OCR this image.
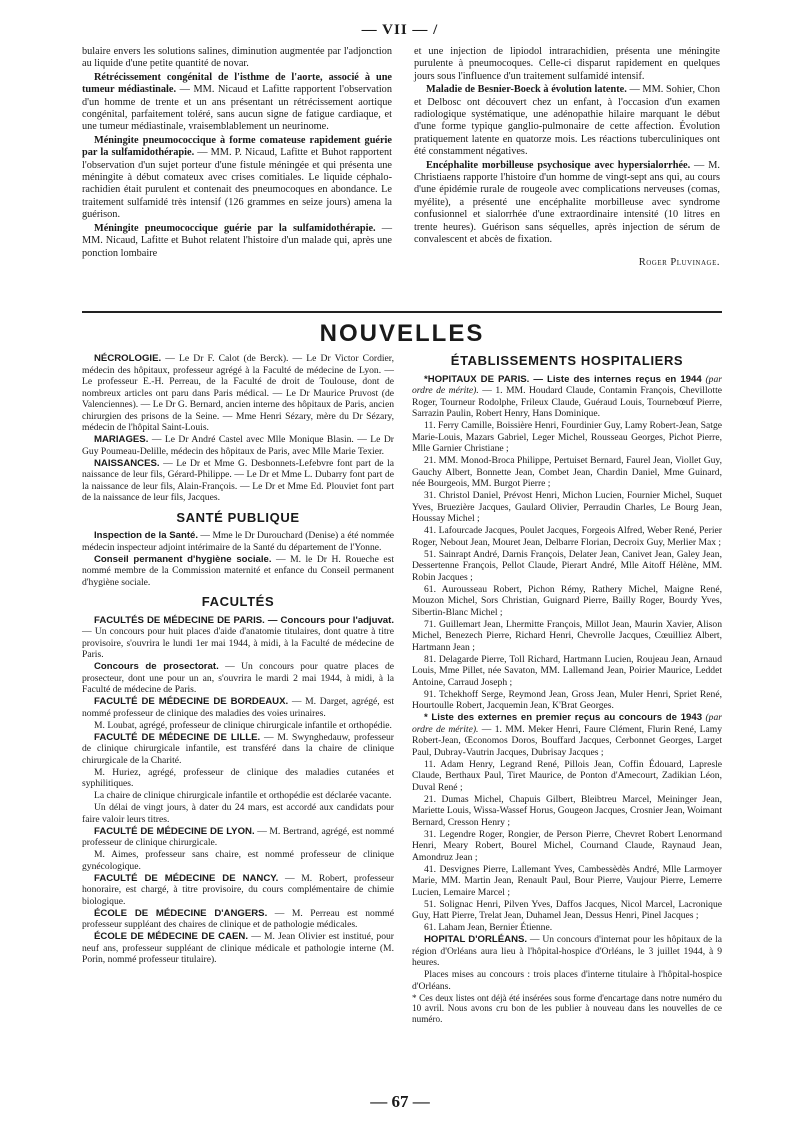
— VII — /

bulaire envers les solutions salines, diminution augmentée par l'adjonction au liquide d'une petite quantité de novar.

Rétrécissement congénital de l'isthme de l'aorte, associé à une tumeur médiastinale. — MM. Nicaud et Lafitte rapportent l'observation d'un homme de trente et un ans présentant un rétrécissement aortique congénital, parfaitement toléré, sans aucun signe de fatigue cardiaque, et une tumeur médiastinale, vraisemblablement un neurinome.

Méningite pneumococcique à forme comateuse rapidement guérie par la sulfamidothérapie. — MM. P. Nicaud, Lafitte et Buhot rapportent l'observation d'un sujet porteur d'une fistule méningée et qui présenta une méningite à début comateux avec crises comitiales. Le liquide céphalo-rachidien était purulent et contenait des pneumocoques en abondance. Le traitement sulfamidé très intensif (126 grammes en seize jours) amena la guérison.

Méningite pneumococcique guérie par la sulfamidothérapie. — MM. Nicaud, Lafitte et Buhot relatent l'histoire d'un malade qui, après une ponction lombaire

et une injection de lipiodol intrarachidien, présenta une méningite purulente à pneumocoques. Celle-ci disparut rapidement en quelques jours sous l'influence d'un traitement sulfamidé intensif.

Maladie de Besnier-Boeck à évolution latente. — MM. Sohier, Chon et Delbosc ont découvert chez un enfant, à l'occasion d'un examen radiologique systématique, une adénopathie hilaire marquant le début d'une forme typique ganglio-pulmonaire de cette affection. Évolution pratiquement latente en quatorze mois. Les réactions tuberculiniques ont été constamment négatives.

Encéphalite morbilleuse psychosique avec hypersialorrhée. — M. Christiaens rapporte l'histoire d'un homme de vingt-sept ans qui, au cours d'une épidémie rurale de rougeole avec complications nerveuses (comas, myélite), a présenté une encéphalite morbilleuse avec syndrome confusionnel et sialorrhée d'une extraordinaire intensité (10 litres en trente heures). Guérison sans séquelles, après injection de sérum de convalescent et abcès de fixation.

Roger Pluvinage.

NOUVELLES

NÉCROLOGIE. — Le Dr F. Calot (de Berck). — Le Dr Victor Cordier, médecin des hôpitaux, professeur agrégé à la Faculté de médecine de Lyon. — Le professeur E.-H. Perreau, de la Faculté de droit de Toulouse, dont de nombreux articles ont paru dans Paris médical. — Le Dr Maurice Pruvost (de Valenciennes). — Le Dr G. Bernard, ancien interne des hôpitaux de Paris, ancien chirurgien des prisons de la Seine. — Mme Henri Sézary, mère du Dr Sézary, médecin de l'hôpital Saint-Louis.

MARIAGES. — Le Dr André Castel avec Mlle Monique Blasin. — Le Dr Guy Poumeau-Delille, médecin des hôpitaux de Paris, avec Mlle Marie Texier.

NAISSANCES. — Le Dr et Mme G. Desbonnets-Lefebvre font part de la naissance de leur fils, Gérard-Philippe. — Le Dr et Mme L. Dubarry font part de la naissance de leur fils, Alain-François. — Le Dr et Mme Ed. Plouviet font part de la naissance de leur fils, Jacques.

SANTÉ PUBLIQUE

Inspection de la Santé. — Mme le Dr Durouchard (Denise) a été nommée médecin inspecteur adjoint intérimaire de la Santé du département de l'Yonne.

Conseil permanent d'hygiène sociale. — M. le Dr H. Roueche est nommé membre de la Commission maternité et enfance du Conseil permanent d'hygiène sociale.

FACULTÉS

FACULTÉS DE MÉDECINE DE PARIS. — Concours pour l'adjuvat. — Un concours pour huit places d'aide d'anatomie titulaires, dont quatre à titre provisoire, s'ouvrira le lundi 1er mai 1944, à midi, à la Faculté de médecine de Paris.

Concours de prosectorat. — Un concours pour quatre places de prosecteur, dont une pour un an, s'ouvrira le mardi 2 mai 1944, à midi, à la Faculté de médecine de Paris.

FACULTÉ DE MÉDECINE DE BORDEAUX. — M. Darget, agrégé, est nommé professeur de clinique des maladies des voies urinaires.

M. Loubat, agrégé, professeur de clinique chirurgicale infantile et orthopédie.

FACULTÉ DE MÉDECINE DE LILLE. — M. Swynghedauw, professeur de clinique chirurgicale infantile, est transféré dans la chaire de clinique chirurgicale de la Charité.

M. Huriez, agrégé, professeur de clinique des maladies cutanées et syphilitiques.

La chaire de clinique chirurgicale infantile et orthopédie est déclarée vacante.

Un délai de vingt jours, à dater du 24 mars, est accordé aux candidats pour faire valoir leurs titres.

FACULTÉ DE MÉDECINE DE LYON. — M. Bertrand, agrégé, est nommé professeur de clinique chirurgicale.

M. Aimes, professeur sans chaire, est nommé professeur de clinique gynécologique.

FACULTÉ DE MÉDECINE DE NANCY. — M. Robert, professeur honoraire, est chargé, à titre provisoire, du cours complémentaire de chimie biologique.

ÉCOLE DE MÉDECINE D'ANGERS. — M. Perreau est nommé professeur suppléant des chaires de clinique et de pathologie médicales.

ÉCOLE DE MÉDECINE DE CAEN. — M. Jean Olivier est institué, pour neuf ans, professeur suppléant de clinique médicale et pathologie interne (M. Porin, nommé professeur titulaire).

ÉTABLISSEMENTS HOSPITALIERS

*HOPITAUX DE PARIS. — Liste des internes reçus en 1944 (par ordre de mérite). — 1. MM. Houdard Claude, Contamin François, Chevillotte Roger, Tourneur Rodolphe, Frileux Claude, Guéraud Louis, Tournebœuf Pierre, Sarrazin Paulin, Robert Henry, Hans Dominique.

11. Ferry Camille, Boissière Henri, Fourdinier Guy, Lamy Robert-Jean, Satge Marie-Louis, Mazars Gabriel, Leger Michel, Rousseau Georges, Pichot Pierre, Mlle Garnier Christiane ;

21. MM. Monod-Broca Philippe, Pertuiset Bernard, Faurel Jean, Viollet Guy, Gauchy Albert, Bonnette Jean, Combet Jean, Chardin Daniel, Mme Guinard, née Bourgeois, MM. Burgot Pierre ;

31. Christol Daniel, Prévost Henri, Michon Lucien, Fournier Michel, Suquet Yves, Bruezière Jacques, Gaulard Olivier, Perraudin Charles, Le Bourg Jean, Houssay Michel ;

41. Lafourcade Jacques, Poulet Jacques, Forgeois Alfred, Weber René, Perier Roger, Nebout Jean, Mouret Jean, Delbarre Florian, Decroix Guy, Merlier Max ;

51. Sainrapt André, Darnis François, Delater Jean, Canivet Jean, Galey Jean, Dessertenne François, Pellot Claude, Pierart André, Mlle Aitoff Hélène, MM. Robin Jacques ;

61. Aurousseau Robert, Pichon Rémy, Rathery Michel, Maigne René, Mouzon Michel, Sors Christian, Guignard Pierre, Bailly Roger, Bourdy Yves, Sibertin-Blanc Michel ;

71. Guillemart Jean, Lhermitte François, Millot Jean, Maurin Xavier, Alison Michel, Benezech Pierre, Richard Henri, Chevrolle Jacques, Cœuilliez Albert, Hartmann Jean ;

81. Delagarde Pierre, Toll Richard, Hartmann Lucien, Roujeau Jean, Arnaud Louis, Mme Pillet, née Savaton, MM. Lallemand Jean, Poirier Maurice, Leddet Antoine, Carraud Joseph ;

91. Tchekhoff Serge, Reymond Jean, Gross Jean, Muler Henri, Spriet René, Hourtoulle Robert, Jacquemin Jean, K'Brat Georges.

* Liste des externes en premier reçus au concours de 1943 (par ordre de mérite). — 1. MM. Meker Henri, Faure Clément, Flurin René, Lamy Robert-Jean, Œconomos Doros, Bouffard Jacques, Cerbonnet Georges, Larget Paul, Dubray-Vautrin Jacques, Dubrisay Jacques ;

11. Adam Henry, Legrand René, Pillois Jean, Coffin Édouard, Lapresle Claude, Berthaux Paul, Tiret Maurice, de Ponton d'Amecourt, Zadikian Léon, Duval René ;

21. Dumas Michel, Chapuis Gilbert, Bleibtreu Marcel, Meininger Jean, Mariette Louis, Wissa-Wassef Horus, Gougeon Jacques, Crosnier Jean, Woimant Bernard, Cresson Henry ;

31. Legendre Roger, Rongier, de Person Pierre, Chevret Robert Lenormand Henri, Meary Robert, Bourel Michel, Cournand Claude, Raynaud Jean, Amondruz Jean ;

41. Desvignes Pierre, Lallemant Yves, Cambessèdès André, Mlle Larmoyer Marie, MM. Martin Jean, Renault Paul, Bour Pierre, Vaujour Pierre, Lemerre Lucien, Lemaire Marcel ;

51. Solignac Henri, Pilven Yves, Daffos Jacques, Nicol Marcel, Lacronique Guy, Hatt Pierre, Trelat Jean, Duhamel Jean, Dessus Henri, Pinel Jacques ;

61. Laham Jean, Bernier Étienne.

HOPITAL D'ORLÉANS. — Un concours d'internat pour les hôpitaux de la région d'Orléans aura lieu à l'hôpital-hospice d'Orléans, le 3 juillet 1944, à 9 heures.

Places mises au concours : trois places d'interne titulaire à l'hôpital-hospice d'Orléans.

* Ces deux listes ont déjà été insérées sous forme d'encartage dans notre numéro du 10 avril. Nous avons cru bon de les publier à nouveau dans les nouvelles de ce numéro.

— 67 —
